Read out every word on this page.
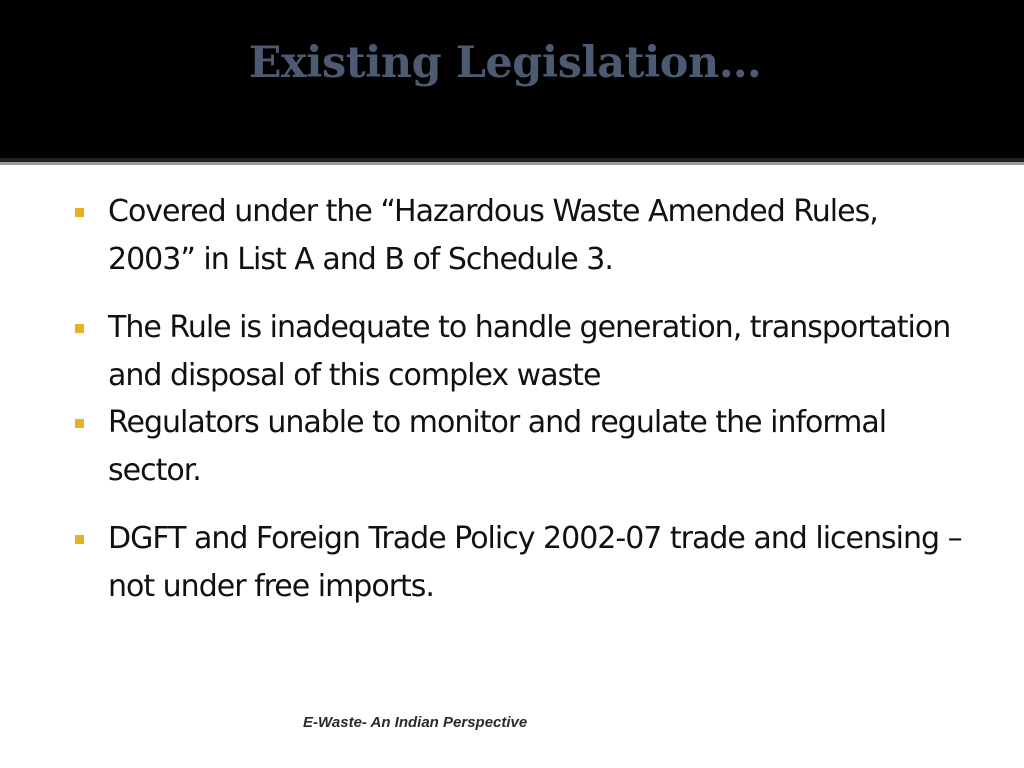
Existing Legislation…

Covered under the “Hazardous Waste Amended Rules, 2003” in List A and B of Schedule 3.

The Rule is inadequate to handle generation, transportation and disposal of this complex waste

Regulators unable to monitor and regulate the informal sector.

DGFT and Foreign Trade Policy 2002-07 trade and licensing – not under free imports.

E-Waste- An Indian Perspective
